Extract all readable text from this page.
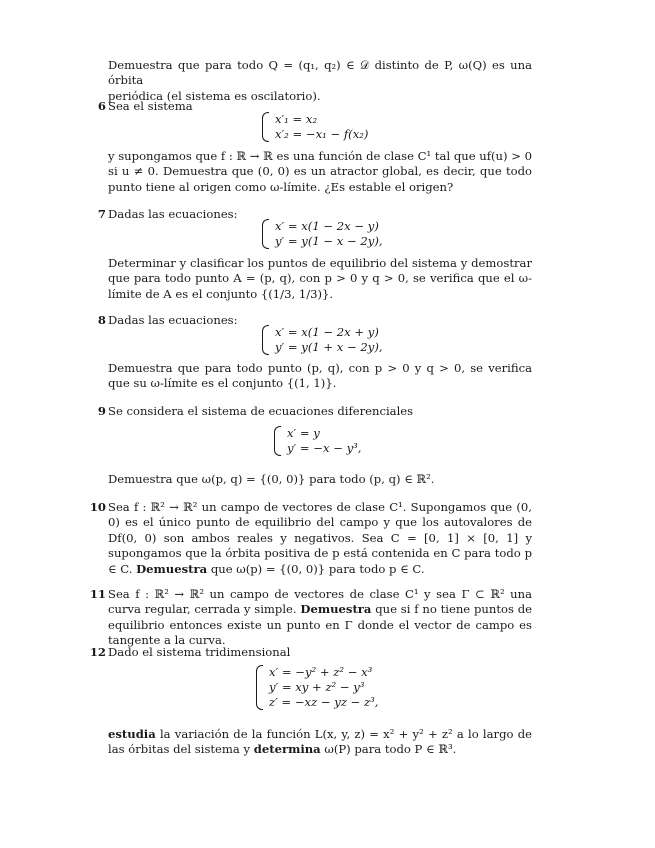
Demuestra que para todo Q = (q₁, q₂) ∈ 𝒟 distinto de P, ω(Q) es una órbita

periódica (el sistema es oscilatorio).

6 Sea el sistema
x′₁ = x₂
x′₂ = −x₁ − f(x₂)
y supongamos que f : ℝ → ℝ es una función de clase C¹ tal que uf(u) > 0 si u ≠ 0. Demuestra que (0, 0) es un atractor global, es decir, que todo punto tiene al origen como ω-límite. ¿Es estable el origen?
7 Dadas las ecuaciones:
x′ = x(1 − 2x − y)
y′ = y(1 − x − 2y),
Determinar y clasificar los puntos de equilibrio del sistema y demostrar que para todo punto A = (p, q), con p > 0 y q > 0, se verifica que el ω-límite de A es el conjunto {(1/3, 1/3)}.
8 Dadas las ecuaciones:
x′ = x(1 − 2x + y)
y′ = y(1 + x − 2y),
Demuestra que para todo punto (p, q), con p > 0 y q > 0, se verifica que su ω-límite es el conjunto {(1, 1)}.
9 Se considera el sistema de ecuaciones diferenciales
x′ = y
y′ = −x − y³,
Demuestra que ω(p, q) = {(0, 0)} para todo (p, q) ∈ ℝ².
10 Sea f : ℝ² → ℝ² un campo de vectores de clase C¹. Supongamos que (0, 0) es el único punto de equilibrio del campo y que los autovalores de Df(0, 0) son ambos reales y negativos. Sea C = [0, 1] × [0, 1] y supongamos que la órbita positiva de p está contenida en C para todo p ∈ C. Demuestra que ω(p) = {(0, 0)} para todo p ∈ C.
11 Sea f : ℝ² → ℝ² un campo de vectores de clase C¹ y sea Γ ⊂ ℝ² una curva regular, cerrada y simple. Demuestra que si f no tiene puntos de equilibrio entonces existe un punto en Γ donde el vector de campo es tangente a la curva.
12 Dado el sistema tridimensional
x′ = −y² + z² − x³
y′ = xy + z² − y³
z′ = −xz − yz − z³,
estudia la variación de la función L(x, y, z) = x² + y² + z² a lo largo de las órbitas del sistema y determina ω(P) para todo P ∈ ℝ³.
